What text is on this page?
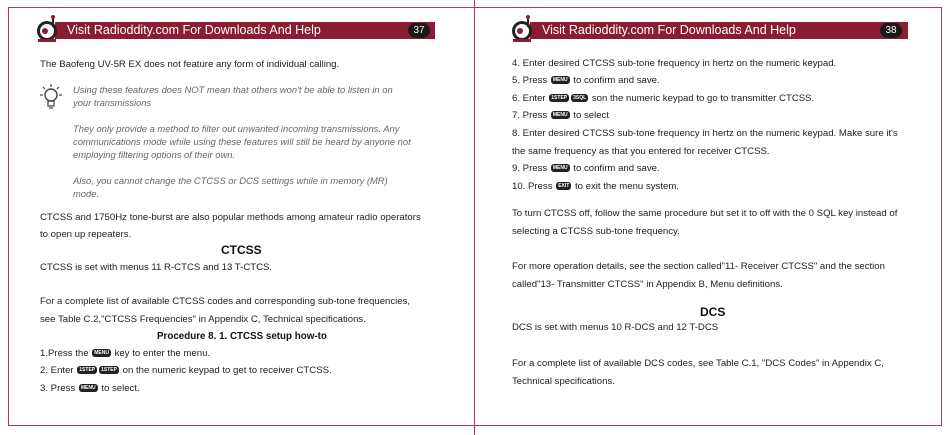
Visit Radioddity.com For Downloads And Help	37
The Baofeng UV-5R EX does not feature any form of individual calling.
Using these features does NOT mean that others won't be able to listen in on
your transmissions
They only provide a method to filter out unwanted incoming transmissions. Any
communications mode while using these features will still be heard by anyone not
employing filtering options of their own.
Also, you cannot change the CTCSS or DCS settings while in memory (MR)
mode.
CTCSS and 1750Hz tone-burst are also popular methods among amateur radio operators
to open up repeaters.
CTCSS
CTCSS is set with menus 11 R-CTCS and 13 T-CTCS.
For a complete list of available CTCSS codes and corresponding sub-tone frequencies,
see Table C.2,"CTCSS Frequencies" in Appendix C, Technical specifications.
Procedure 8. 1. CTCSS setup how-to
1.Press the MENU key to enter the menu.
2. Enter 1STEP 1STEP on the numeric keypad to get to receiver CTCSS.
3. Press MENU to select.
Visit Radioddity.com For Downloads And Help	38
4. Enter desired CTCSS sub-tone frequency in hertz on the numeric keypad.
5. Press MENU to confirm and save.
6. Enter 1STEP 3SQL son the numeric keypad to go to transmitter CTCSS.
7. Press MENU to select
8. Enter desired CTCSS sub-tone frequency in hertz on the numeric keypad. Make sure it's
the same frequency as that you entered for receiver CTCSS.
9. Press MENU to confirm and save.
10. Press EXIT to exit the menu system.
To turn CTCSS off, follow the same procedure but set it to off with the 0 SQL key instead of
selecting a CTCSS sub-tone frequency.
For more operation details, see the section called"11- Receiver CTCSS" and the section
called"13- Transmitter CTCSS" in Appendix B, Menu definitions.
DCS
DCS is set with menus 10 R-DCS and 12 T-DCS
For a complete list of available DCS codes, see Table C.1, "DCS Codes" in Appendix C,
Technical specifications.
